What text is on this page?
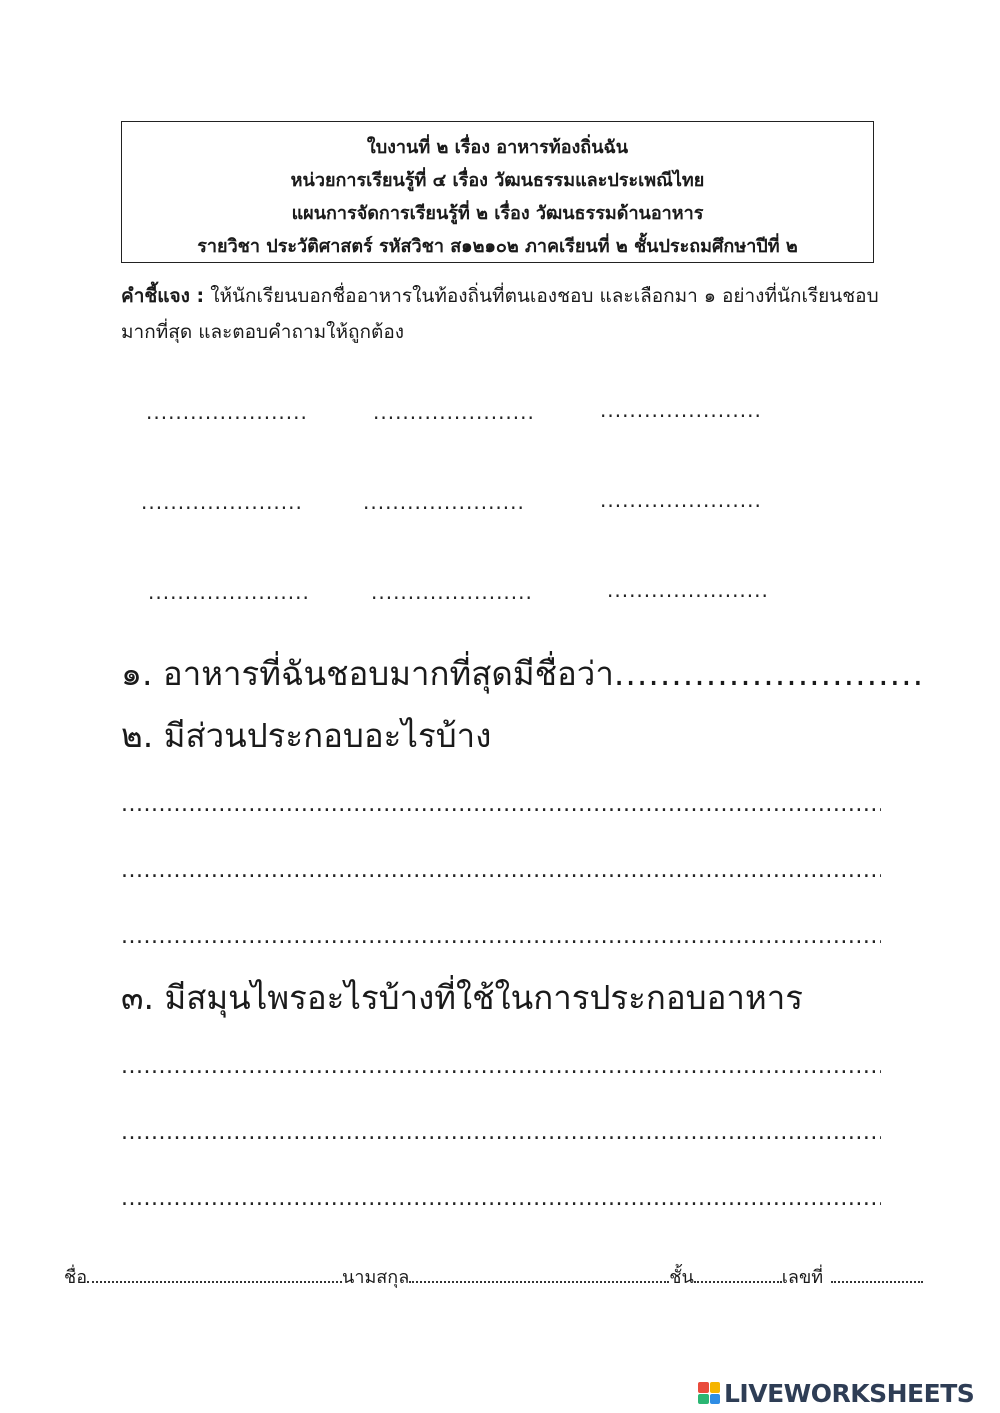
ใบงานที่ ๒ เรื่อง อาหารท้องถิ่นฉัน
หน่วยการเรียนรู้ที่ ๔ เรื่อง วัฒนธรรมและประเพณีไทย
แผนการจัดการเรียนรู้ที่ ๒ เรื่อง วัฒนธรรมด้านอาหาร
รายวิชา ประวัติศาสตร์ รหัสวิชา ส๑๒๑๐๒ ภาคเรียนที่ ๒ ชั้นประถมศึกษาปีที่ ๒
คำชี้แจง : ให้นักเรียนบอกชื่ออาหารในท้องถิ่นที่ตนเองชอบ และเลือกมา ๑ อย่างที่นักเรียนชอบมากที่สุด และตอบคำถามให้ถูกต้อง
.....
.....
.....
.....
.....
.....
.....
.....
.....
๑. อาหารที่ฉันชอบมากที่สุดมีชื่อว่า .....
๒. มีส่วนประกอบอะไรบ้าง
.....
.....
.....
๓. มีสมุนไพรอะไรบ้างที่ใช้ในการประกอบอาหาร
.....
.....
.....
ชื่อ	นามสกุล	ชั้น	เลขที่
LIVEWORKSHEETS
